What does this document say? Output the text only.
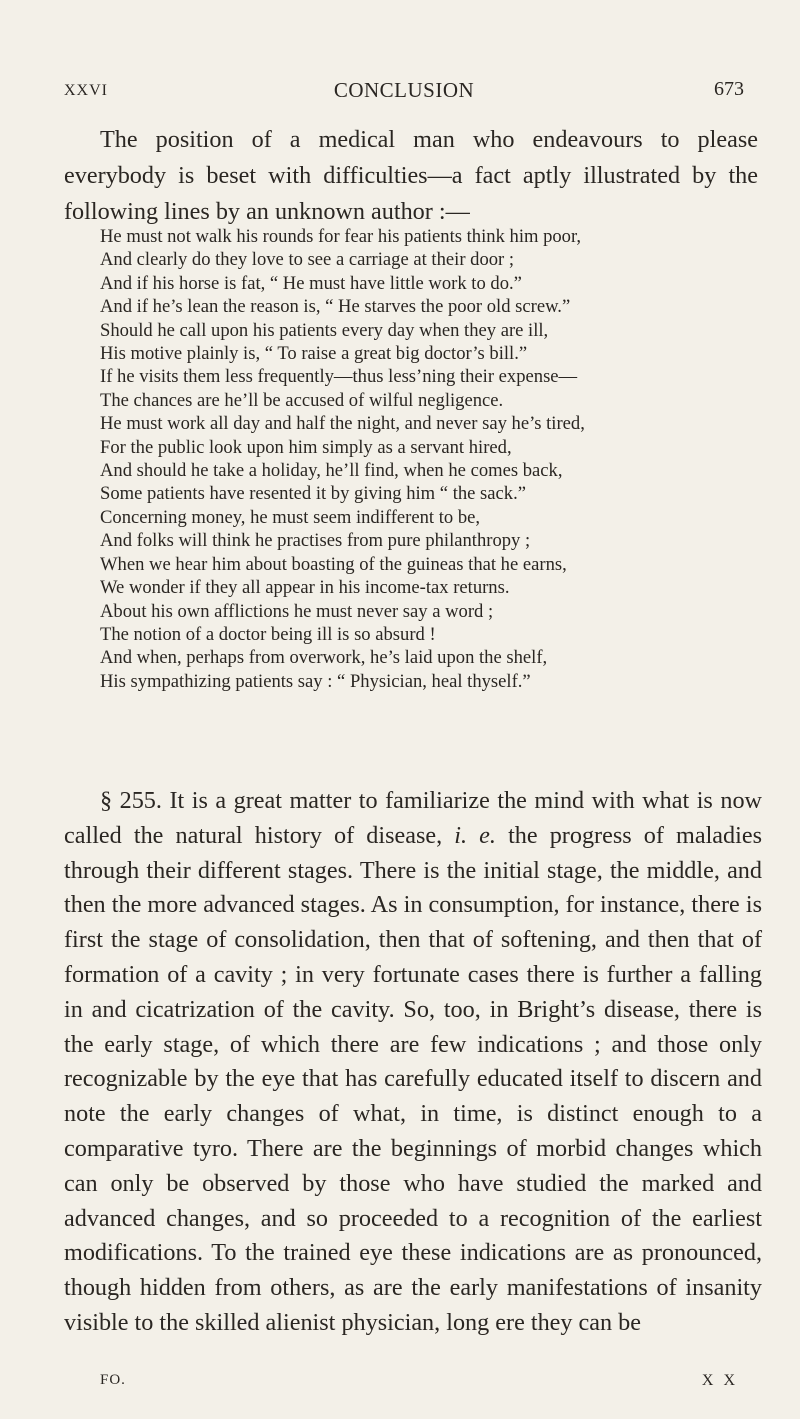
XXVI	CONCLUSION	673

The position of a medical man who endeavours to please everybody is beset with difficulties—a fact aptly illustrated by the following lines by an unknown author :—

He must not walk his rounds for fear his patients think him poor,
And clearly do they love to see a carriage at their door ;
And if his horse is fat, “ He must have little work to do.”
And if he’s lean the reason is, “ He starves the poor old screw.”
Should he call upon his patients every day when they are ill,
His motive plainly is, “ To raise a great big doctor’s bill.”
If he visits them less frequently—thus less’ning their expense—
The chances are he’ll be accused of wilful negligence.
He must work all day and half the night, and never say he’s tired,
For the public look upon him simply as a servant hired,
And should he take a holiday, he’ll find, when he comes back,
Some patients have resented it by giving him “ the sack.”
Concerning money, he must seem indifferent to be,
And folks will think he practises from pure philanthropy ;
When we hear him about boasting of the guineas that he earns,
We wonder if they all appear in his income-tax returns.
About his own afflictions he must never say a word ;
The notion of a doctor being ill is so absurd !
And when, perhaps from overwork, he’s laid upon the shelf,
His sympathizing patients say : “ Physician, heal thyself.”

§ 255. It is a great matter to familiarize the mind with what is now called the natural history of disease, i. e. the progress of maladies through their different stages. There is the initial stage, the middle, and then the more advanced stages. As in consumption, for instance, there is first the stage of consolidation, then that of softening, and then that of formation of a cavity ; in very fortunate cases there is further a falling in and cicatrization of the cavity. So, too, in Bright’s disease, there is the early stage, of which there are few indications ; and those only recognizable by the eye that has carefully educated itself to discern and note the early changes of what, in time, is distinct enough to a comparative tyro. There are the beginnings of morbid changes which can only be observed by those who have studied the marked and advanced changes, and so proceeded to a recognition of the earliest modifications. To the trained eye these indications are as pronounced, though hidden from others, as are the early manifestations of insanity visible to the skilled alienist physician, long ere they can be

FO.	X X
